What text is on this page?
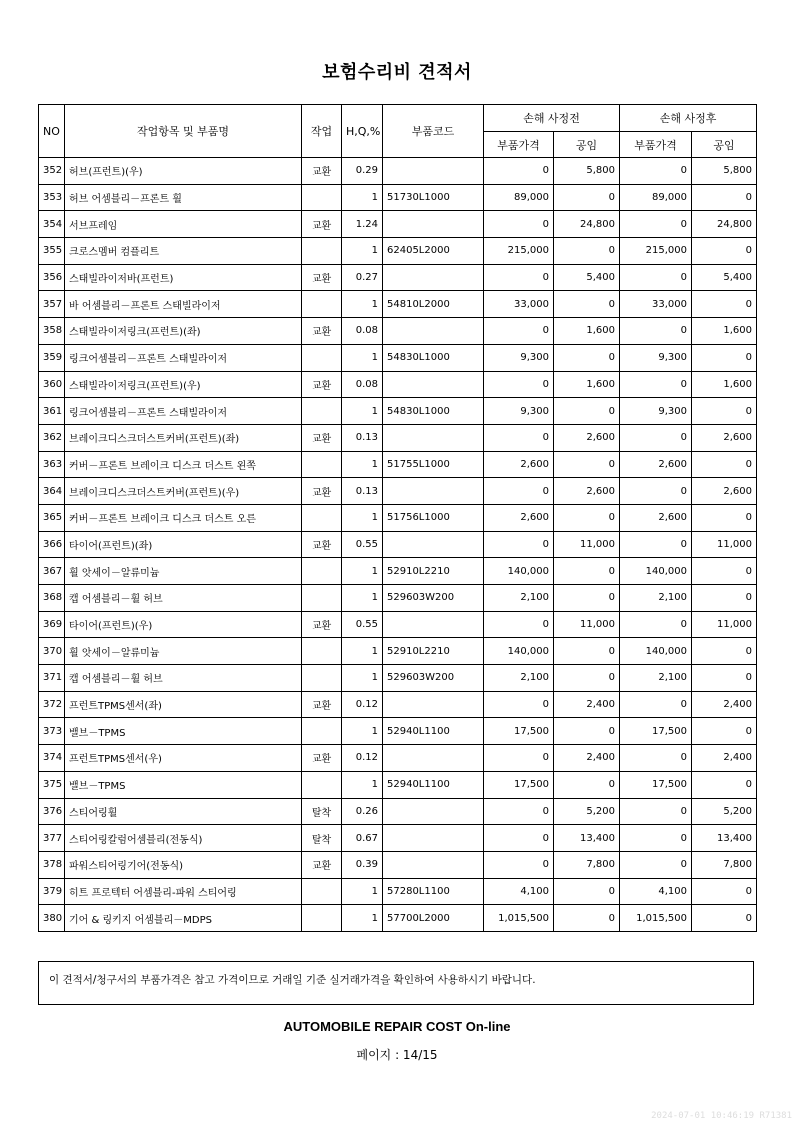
보험수리비 견적서
NO	작업항목 및 부품명	작업	H,Q,%	부품코드	손해 사정전		손해 사정후	
					부품가격	공임	부품가격	공임
352	허브(프런트)(우)	교환	0.29		0	5,800	0	5,800
353	허브 어셈블리－프론트 휠		1	51730L1000	89,000	0	89,000	0
354	서브프레임	교환	1.24		0	24,800	0	24,800
355	크로스멤버 컴플리트		1	62405L2000	215,000	0	215,000	0
356	스태빌라이저바(프런트)	교환	0.27		0	5,400	0	5,400
357	바 어셈블리－프론트 스태빌라이저		1	54810L2000	33,000	0	33,000	0
358	스태빌라이저링크(프런트)(좌)	교환	0.08		0	1,600	0	1,600
359	링크어셈블리－프론트 스태빌라이저		1	54830L1000	9,300	0	9,300	0
360	스태빌라이저링크(프런트)(우)	교환	0.08		0	1,600	0	1,600
361	링크어셈블리－프론트 스태빌라이저		1	54830L1000	9,300	0	9,300	0
362	브레이크디스크더스트커버(프런트)(좌)	교환	0.13		0	2,600	0	2,600
363	커버－프론트 브레이크 디스크 더스트 왼쪽		1	51755L1000	2,600	0	2,600	0
364	브레이크디스크더스트커버(프런트)(우)	교환	0.13		0	2,600	0	2,600
365	커버－프론트 브레이크 디스크 더스트 오른		1	51756L1000	2,600	0	2,600	0
366	타이어(프런트)(좌)	교환	0.55		0	11,000	0	11,000
367	휠 앗세이－알류미늄		1	52910L2210	140,000	0	140,000	0
368	캡 어셈블리－휠 허브		1	529603W200	2,100	0	2,100	0
369	타이어(프런트)(우)	교환	0.55		0	11,000	0	11,000
370	휠 앗세이－알류미늄		1	52910L2210	140,000	0	140,000	0
371	캡 어셈블리－휠 허브		1	529603W200	2,100	0	2,100	0
372	프런트TPMS센서(좌)	교환	0.12		0	2,400	0	2,400
373	밸브－TPMS		1	52940L1100	17,500	0	17,500	0
374	프런트TPMS센서(우)	교환	0.12		0	2,400	0	2,400
375	밸브－TPMS		1	52940L1100	17,500	0	17,500	0
376	스티어링휠	탈착	0.26		0	5,200	0	5,200
377	스티어링칼럼어셈블리(전동식)	탈착	0.67		0	13,400	0	13,400
378	파워스티어링기어(전동식)	교환	0.39		0	7,800	0	7,800
379	히트 프로텍터 어셈블리-파워 스티어링		1	57280L1100	4,100	0	4,100	0
380	기어 & 링키지 어셈블리－MDPS		1	57700L2000	1,015,500	0	1,015,500	0
이 견적서/청구서의 부품가격은 참고 가격이므로 거래일 기준 실거래가격을 확인하여 사용하시기 바랍니다.
AUTOMOBILE REPAIR COST On-line
페이지 : 14/15
2024-07-01 10:46:19 R71381
